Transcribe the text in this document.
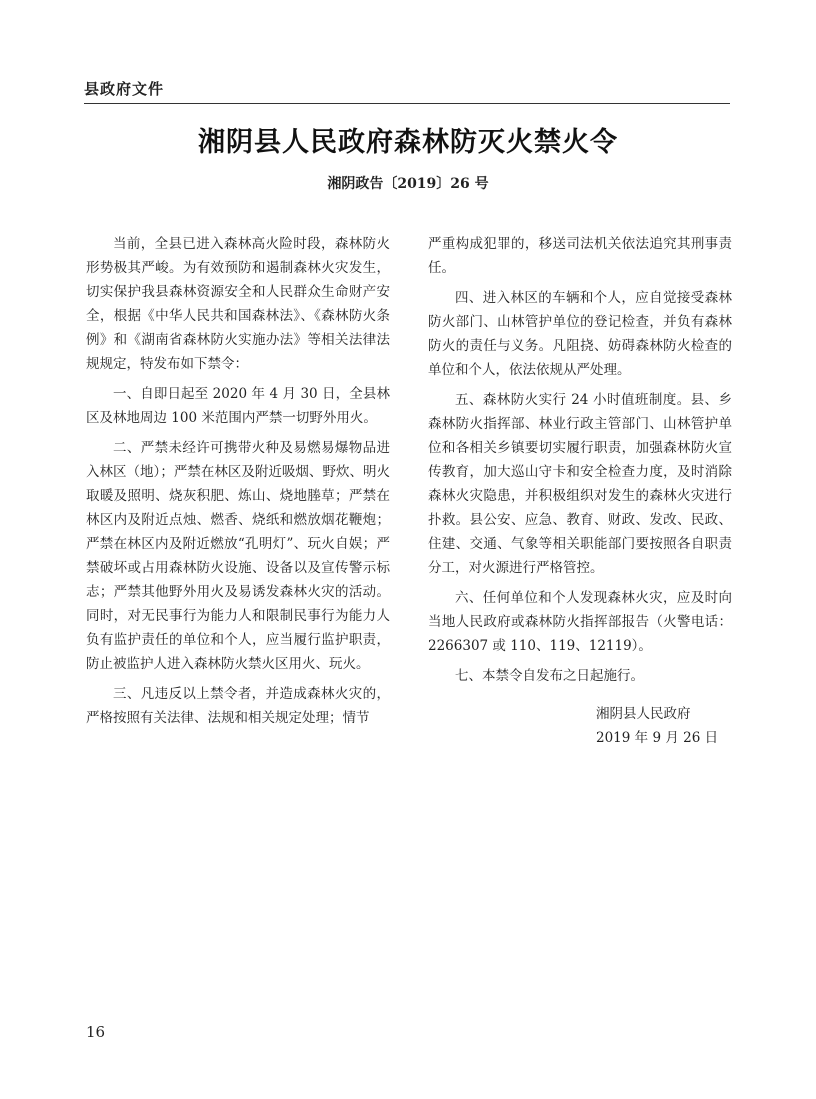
县政府文件
湘阴县人民政府森林防灭火禁火令
湘阴政告〔2019〕26 号

当前，全县已进入森林高火险时段，森林防火形势极其严峻。为有效预防和遏制森林火灾发生，切实保护我县森林资源安全和人民群众生命财产安全，根据《中华人民共和国森林法》、《森林防火条例》和《湖南省森林防火实施办法》等相关法律法规规定，特发布如下禁令：

一、自即日起至 2020 年 4 月 30 日，全县林区及林地周边 100 米范围内严禁一切野外用火。

二、严禁未经许可携带火种及易燃易爆物品进入林区（地）；严禁在林区及附近吸烟、野炊、明火取暖及照明、烧灰积肥、炼山、烧地塍草；严禁在林区内及附近点烛、燃香、烧纸和燃放烟花鞭炮；严禁在林区内及附近燃放“孔明灯”、玩火自娱；严禁破坏或占用森林防火设施、设备以及宣传警示标志；严禁其他野外用火及易诱发森林火灾的活动。同时，对无民事行为能力人和限制民事行为能力人负有监护责任的单位和个人，应当履行监护职责，防止被监护人进入森林防火禁火区用火、玩火。

三、凡违反以上禁令者，并造成森林火灾的，严格按照有关法律、法规和相关规定处理；情节

严重构成犯罪的，移送司法机关依法追究其刑事责任。

四、进入林区的车辆和个人，应自觉接受森林防火部门、山林管护单位的登记检查，并负有森林防火的责任与义务。凡阻挠、妨碍森林防火检查的单位和个人，依法依规从严处理。

五、森林防火实行 24 小时值班制度。县、乡森林防火指挥部、林业行政主管部门、山林管护单位和各相关乡镇要切实履行职责，加强森林防火宣传教育，加大巡山守卡和安全检查力度，及时消除森林火灾隐患，并积极组织对发生的森林火灾进行扑救。县公安、应急、教育、财政、发改、民政、住建、交通、气象等相关职能部门要按照各自职责分工，对火源进行严格管控。

六、任何单位和个人发现森林火灾，应及时向当地人民政府或森林防火指挥部报告（火警电话：2266307 或 110、119、12119）。

七、本禁令自发布之日起施行。

湘阴县人民政府
2019 年 9 月 26 日
16
